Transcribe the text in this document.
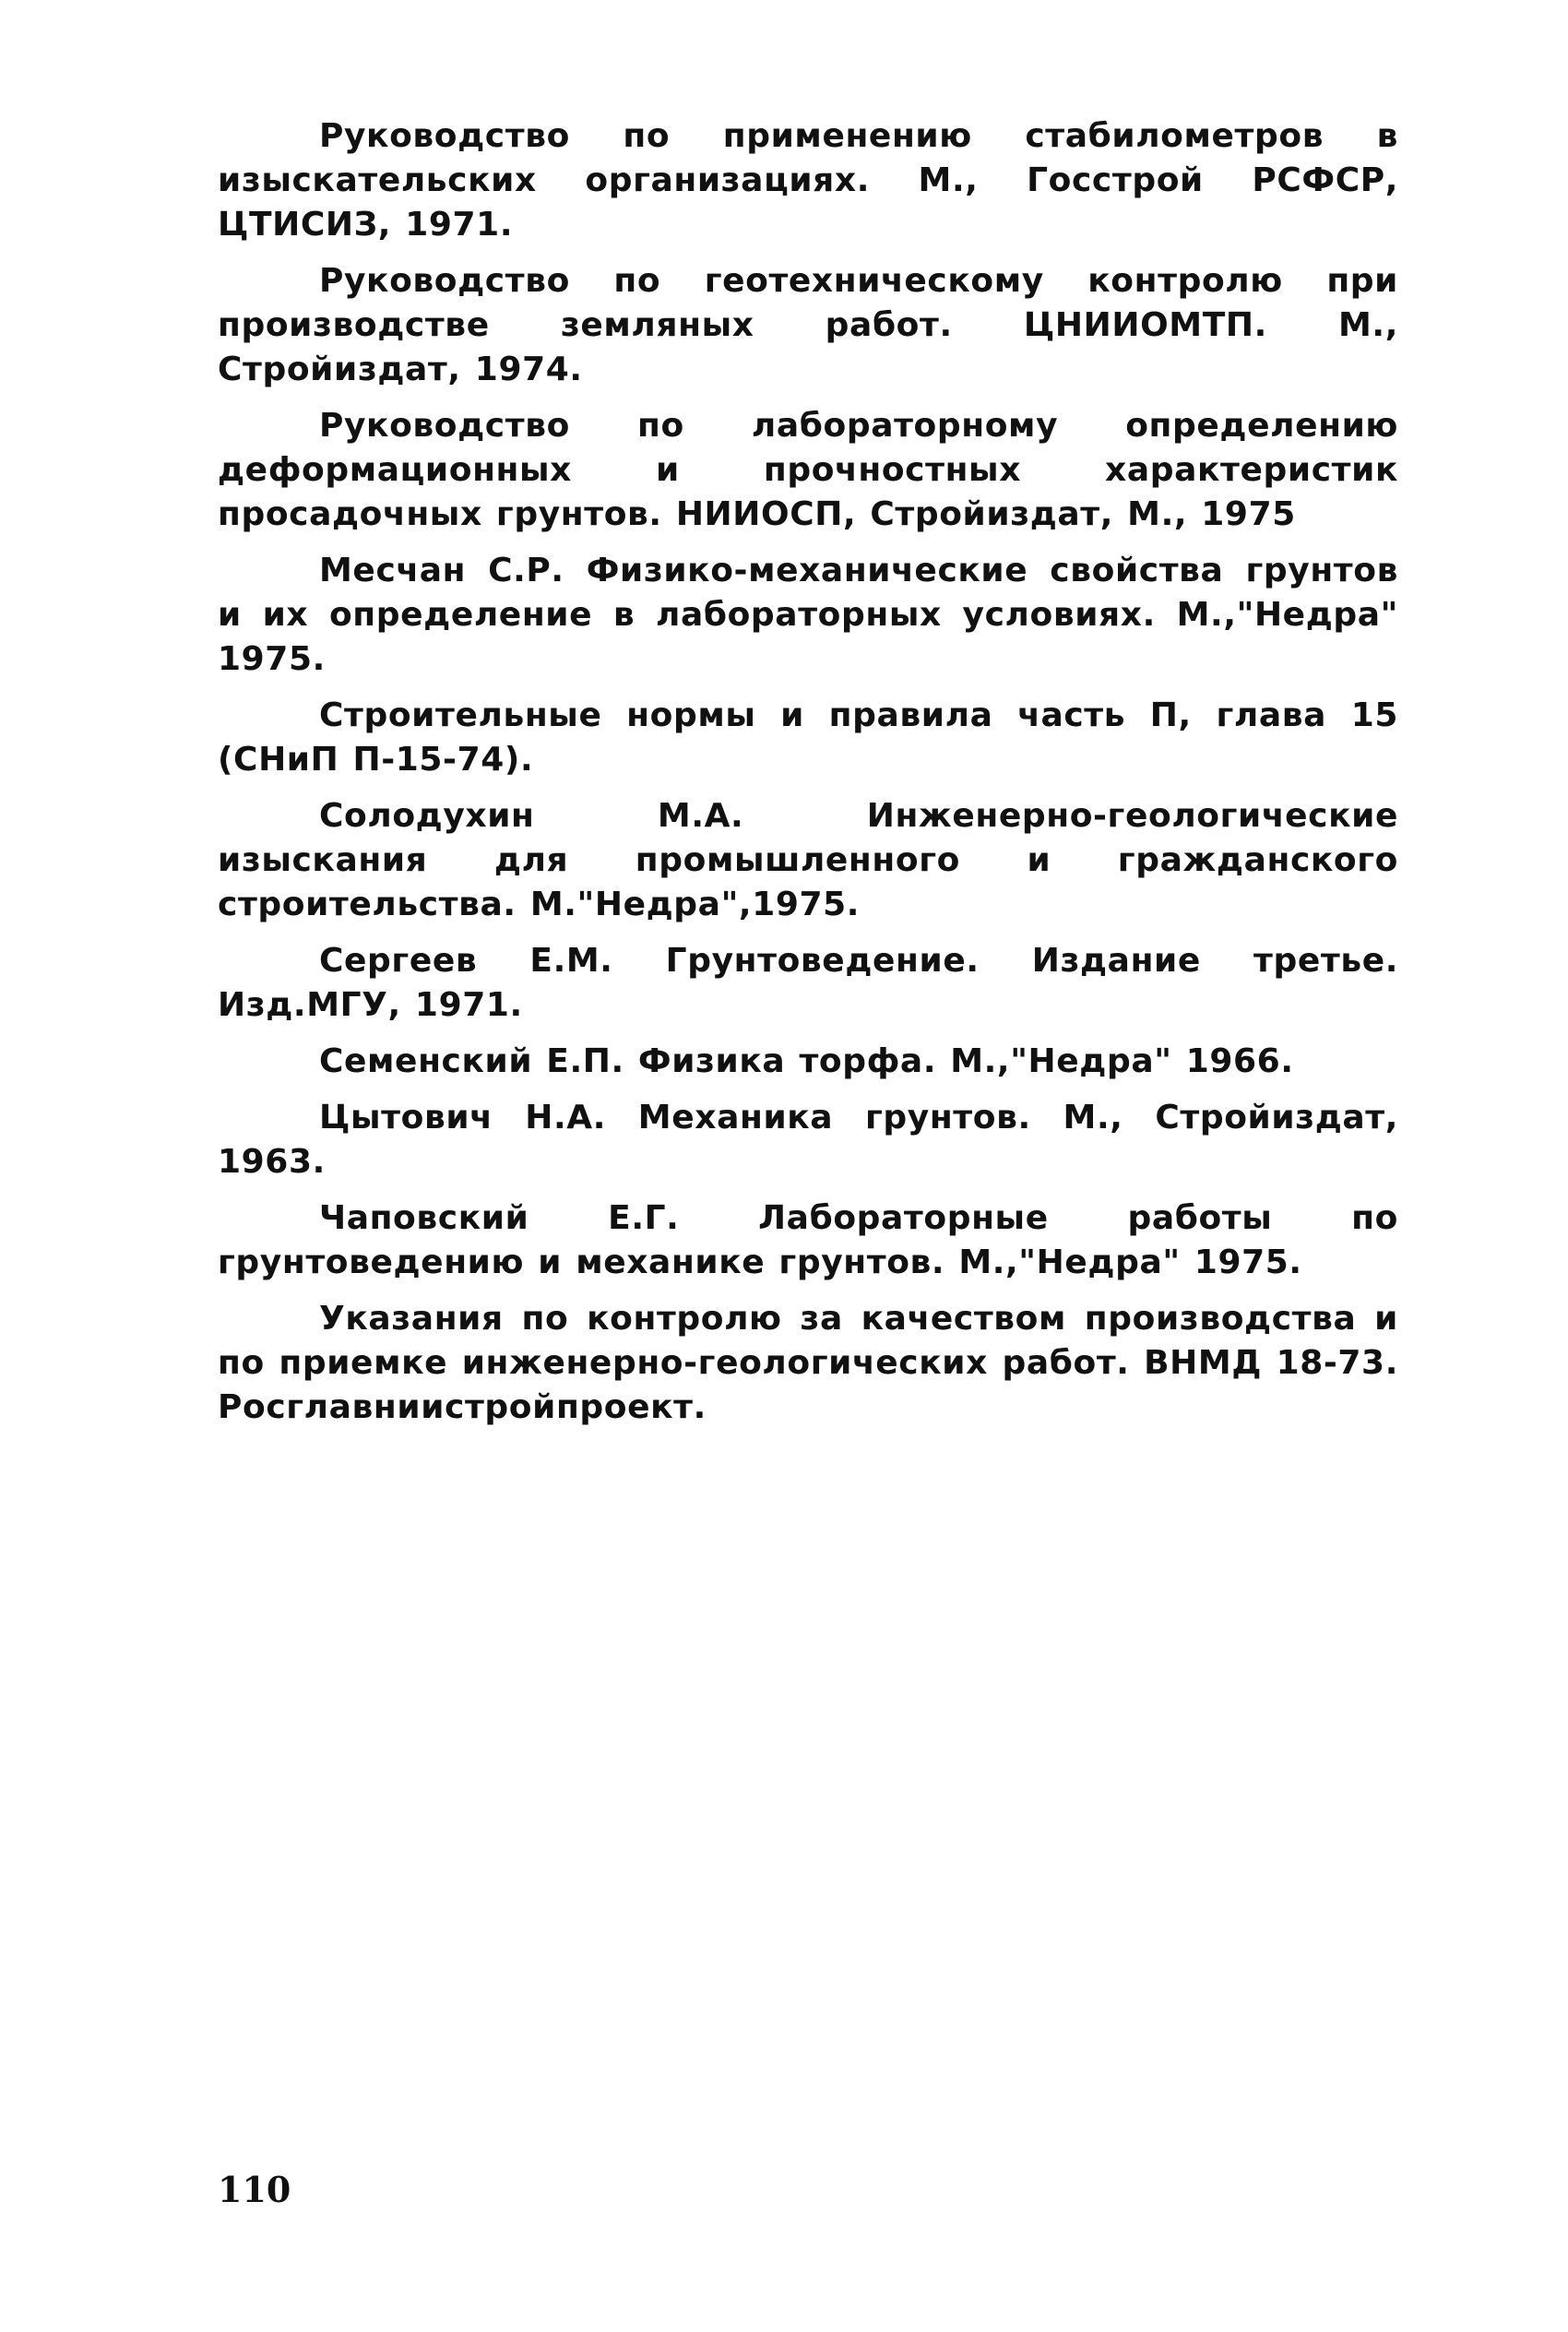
Руководство по применению стабилометров в изыскательских организациях. М., Госстрой РСФСР, ЦТИСИЗ, 1971.

Руководство по геотехническому контролю при производстве земляных работ. ЦНИИОМТП. М., Стройиздат, 1974.

Руководство по лабораторному определению деформационных и прочностных характеристик просадочных грунтов. НИИОСП, Стройиздат, М., 1975

Месчан С.Р. Физико-механические свойства грунтов и их определение в лабораторных условиях. М.,"Недра" 1975.

Строительные нормы и правила часть П, глава 15 (СНиП П-15-74).

Солодухин М.А. Инженерно-геологические изыскания для промышленного и гражданского строительства. М."Недра",1975.

Сергеев Е.М. Грунтоведение. Издание третье. Изд.МГУ, 1971.

Семенский Е.П. Физика торфа. М.,"Недра" 1966.

Цытович Н.А. Механика грунтов. М., Стройиздат, 1963.

Чаповский Е.Г. Лабораторные работы по грунтоведению и механике грунтов. М.,"Недра" 1975.

Указания по контролю за качеством производства и по приемке инженерно-геологических работ. ВНМД 18-73. Росглавниистройпроект.

110
